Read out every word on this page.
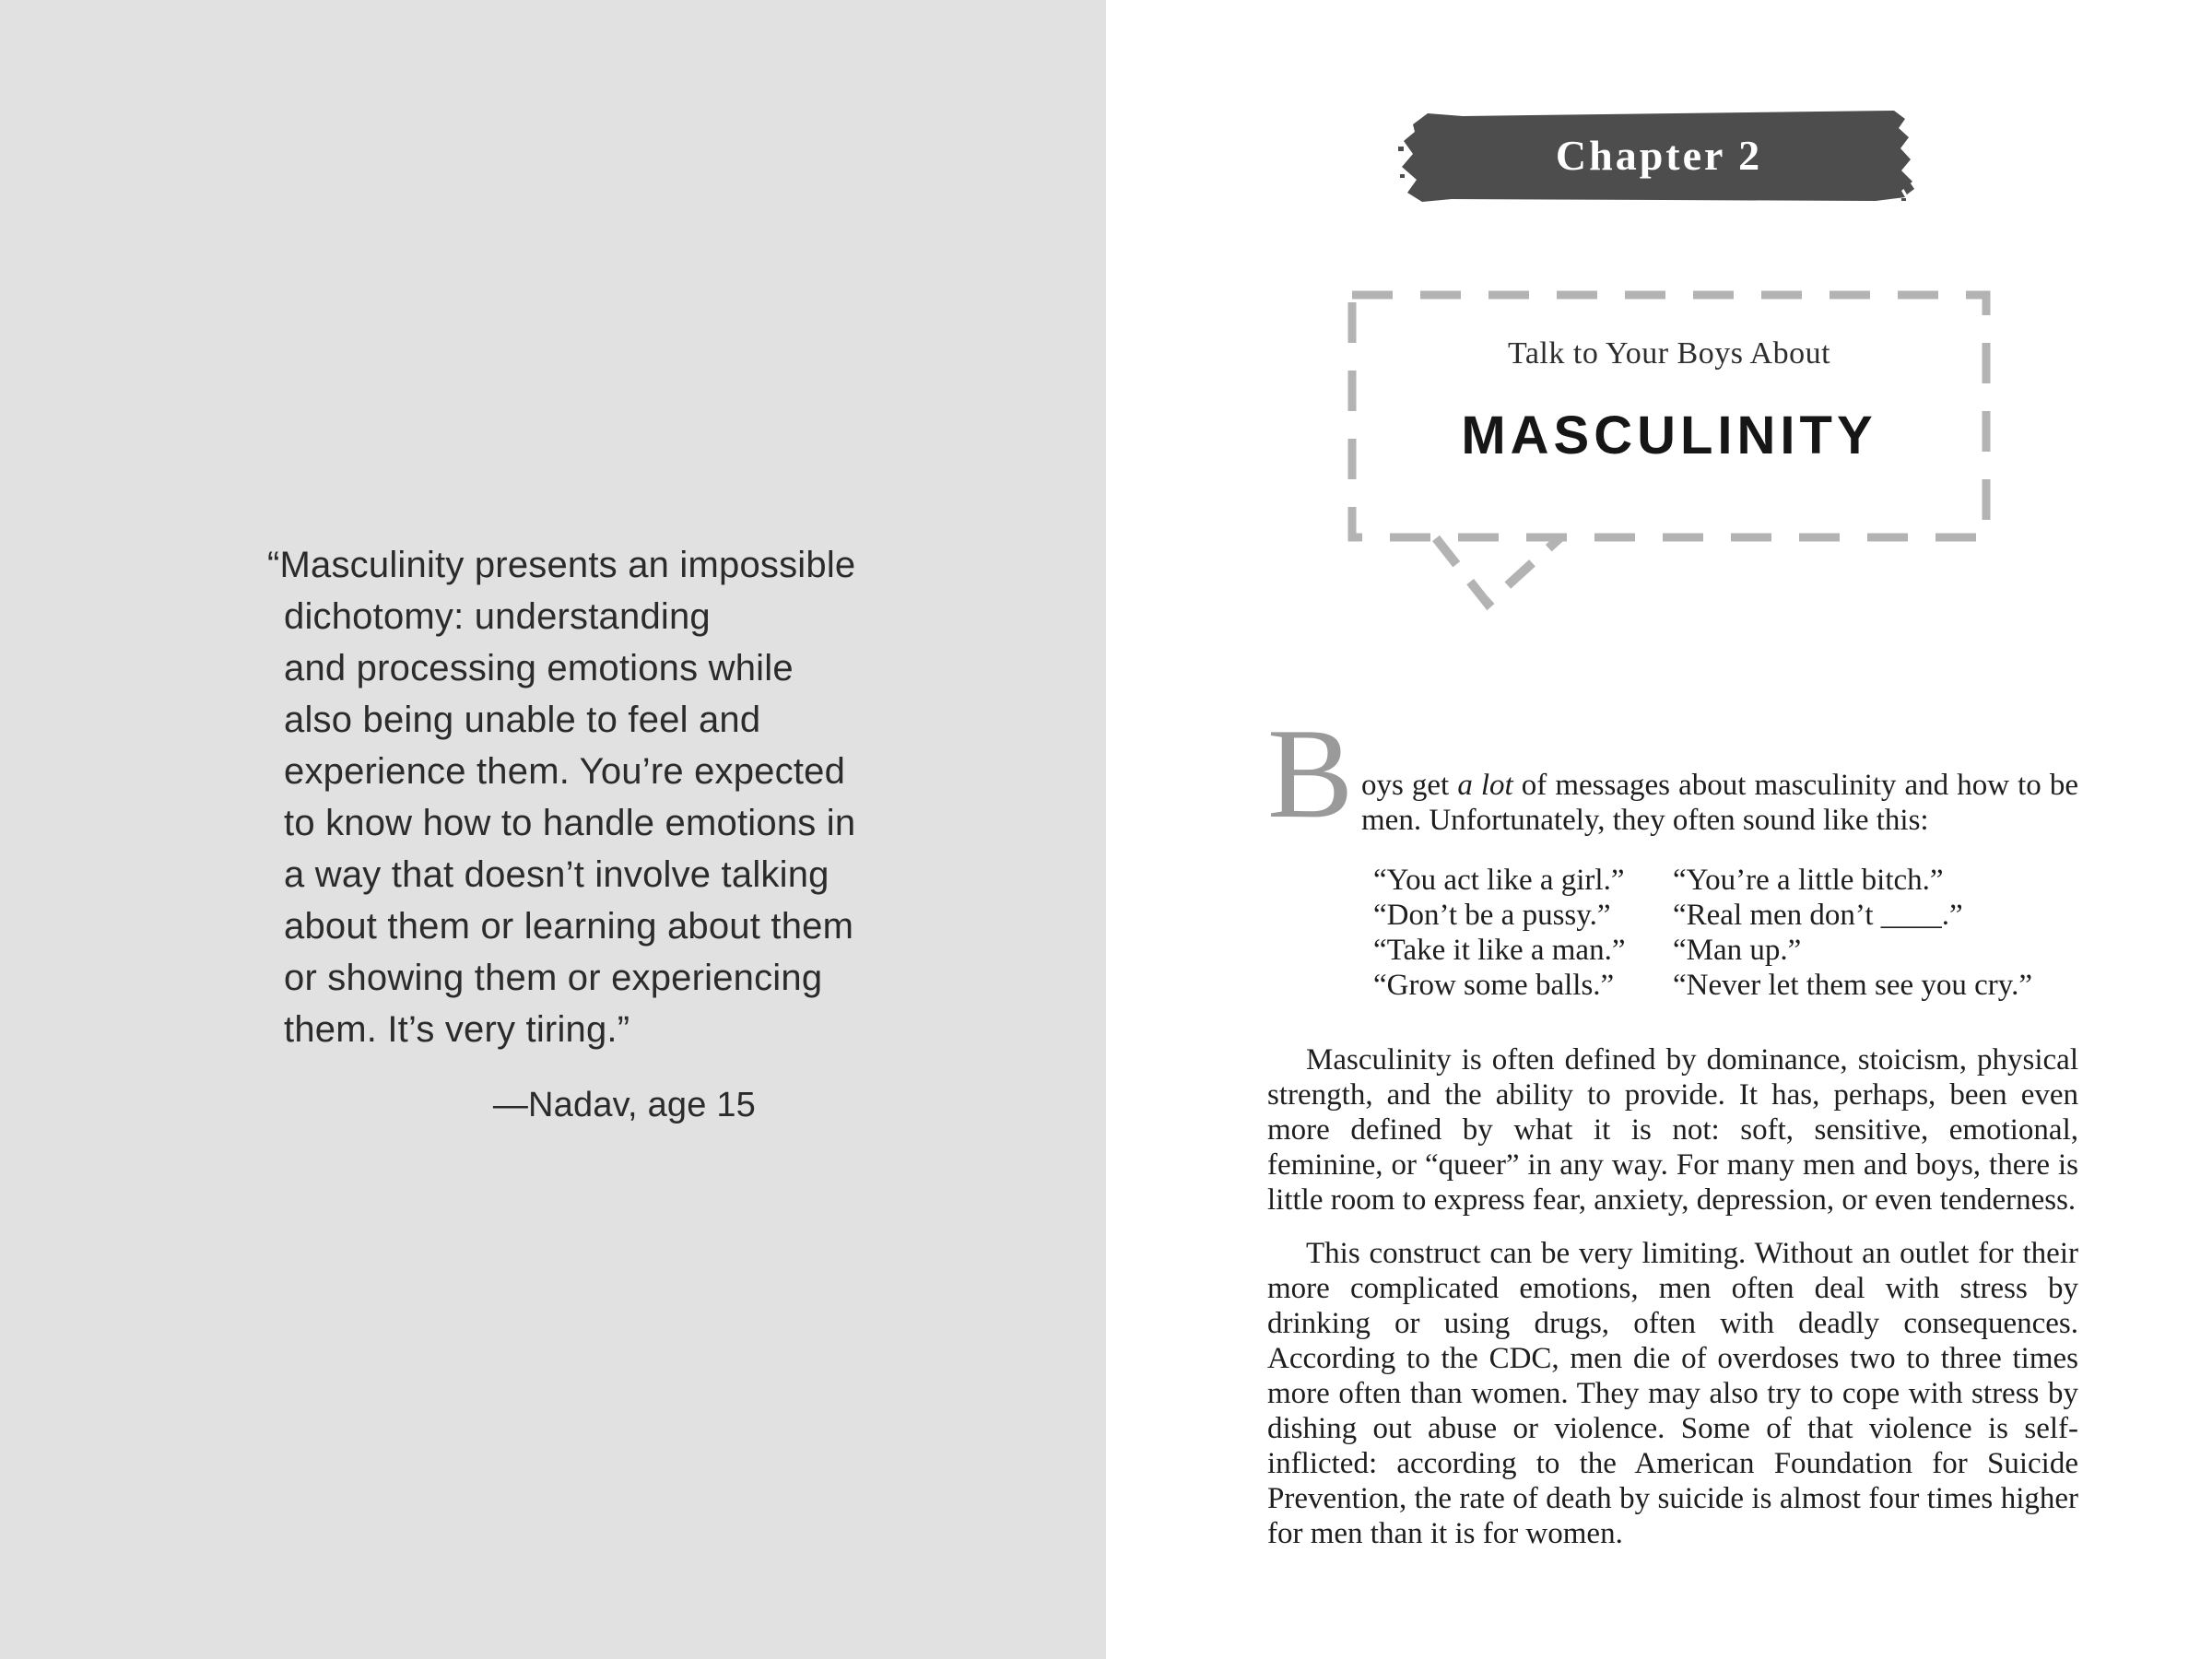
“Masculinity presents an impossible
dichotomy: understanding
and processing emotions while
also being unable to feel and
experience them. You’re expected
to know how to handle emotions in
a way that doesn’t involve talking
about them or learning about them
or showing them or experiencing
them. It’s very tiring.”
—Nadav, age 15
Chapter 2
Talk to Your Boys About
MASCULINITY

B oys get a lot of messages about masculinity and how to be men. Unfortunately, they often sound like this:

“You act like a girl.”	“You’re a little bitch.”
“Don’t be a pussy.”	“Real men don’t ____.”
“Take it like a man.”	“Man up.”
“Grow some balls.”	“Never let them see you cry.”

Masculinity is often defined by dominance, stoicism, physical strength, and the ability to provide. It has, perhaps, been even more defined by what it is not: soft, sensitive, emotional, feminine, or “queer” in any way. For many men and boys, there is little room to express fear, anxiety, depression, or even tenderness.

This construct can be very limiting. Without an outlet for their more complicated emotions, men often deal with stress by drinking or using drugs, often with deadly consequences. According to the CDC, men die of overdoses two to three times more often than women. They may also try to cope with stress by dishing out abuse or violence. Some of that violence is self-inflicted: according to the American Foundation for Suicide Prevention, the rate of death by suicide is almost four times higher for men than it is for women.
